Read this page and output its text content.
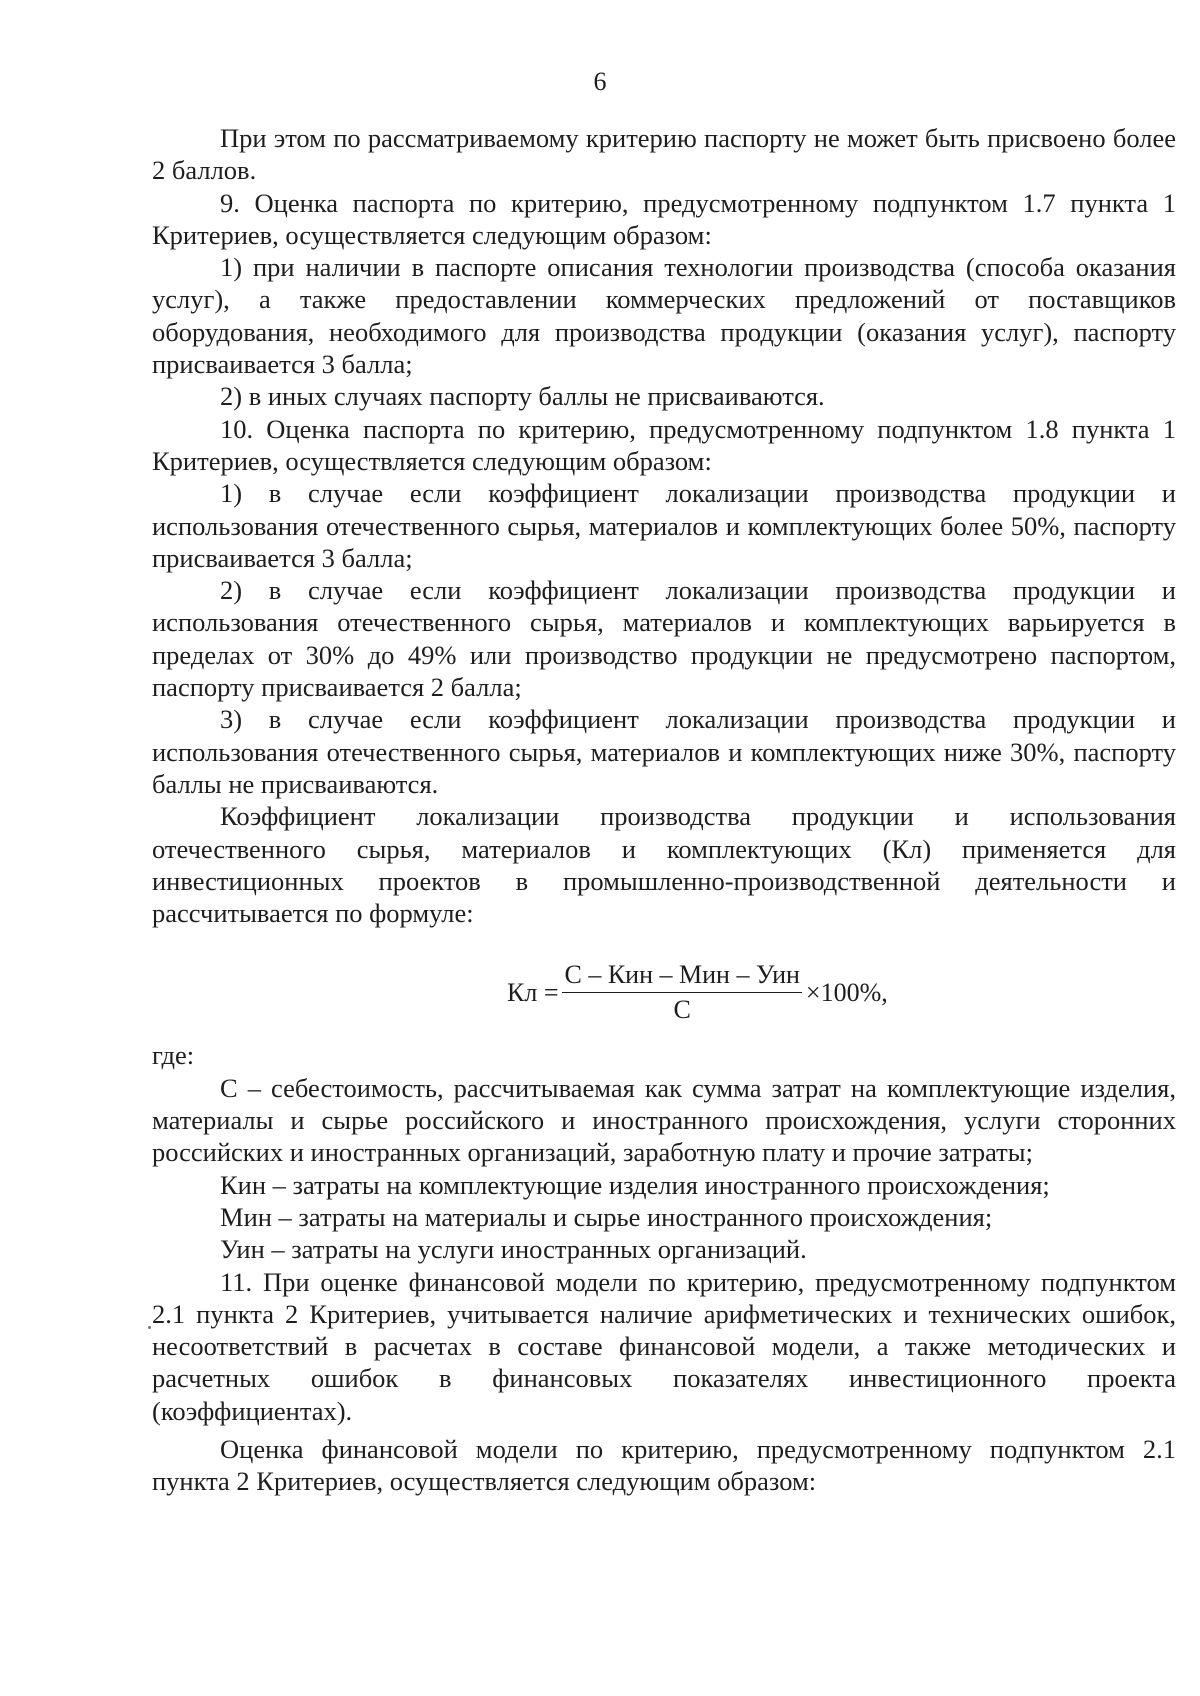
6

При этом по рассматриваемому критерию паспорту не может быть присвоено более 2 баллов.

9. Оценка паспорта по критерию, предусмотренному подпунктом 1.7 пункта 1 Критериев, осуществляется следующим образом:

1) при наличии в паспорте описания технологии производства (способа оказания услуг), а также предоставлении коммерческих предложений от поставщиков оборудования, необходимого для производства продукции (оказания услуг), паспорту присваивается 3 балла;

2) в иных случаях паспорту баллы не присваиваются.

10. Оценка паспорта по критерию, предусмотренному подпунктом 1.8 пункта 1 Критериев, осуществляется следующим образом:

1) в случае если коэффициент локализации производства продукции и использования отечественного сырья, материалов и комплектующих более 50%, паспорту присваивается 3 балла;

2) в случае если коэффициент локализации производства продукции и использования отечественного сырья, материалов и комплектующих варьируется в пределах от 30% до 49% или производство продукции не предусмотрено паспортом, паспорту присваивается 2 балла;

3) в случае если коэффициент локализации производства продукции и использования отечественного сырья, материалов и комплектующих ниже 30%, паспорту баллы не присваиваются.

Коэффициент локализации производства продукции и использования отечественного сырья, материалов и комплектующих (Кл) применяется для инвестиционных проектов в промышленно-производственной деятельности и рассчитывается по формуле:

Кл = $\frac{\text{С – Кин – Мин – Уин}}{С} \times 100\%$,

где:

С – себестоимость, рассчитываемая как сумма затрат на комплектующие изделия, материалы и сырье российского и иностранного происхождения, услуги сторонних российских и иностранных организаций, заработную плату и прочие затраты;

Кин – затраты на комплектующие изделия иностранного происхождения;

Мин – затраты на материалы и сырье иностранного происхождения;

Уин – затраты на услуги иностранных организаций.

11. При оценке финансовой модели по критерию, предусмотренному подпунктом 2.1 пункта 2 Критериев, учитывается наличие арифметических и технических ошибок, несоответствий в расчетах в составе финансовой модели, а также методических и расчетных ошибок в финансовых показателях инвестиционного проекта (коэффициентах).

Оценка финансовой модели по критерию, предусмотренному подпунктом 2.1 пункта 2 Критериев, осуществляется следующим образом:
